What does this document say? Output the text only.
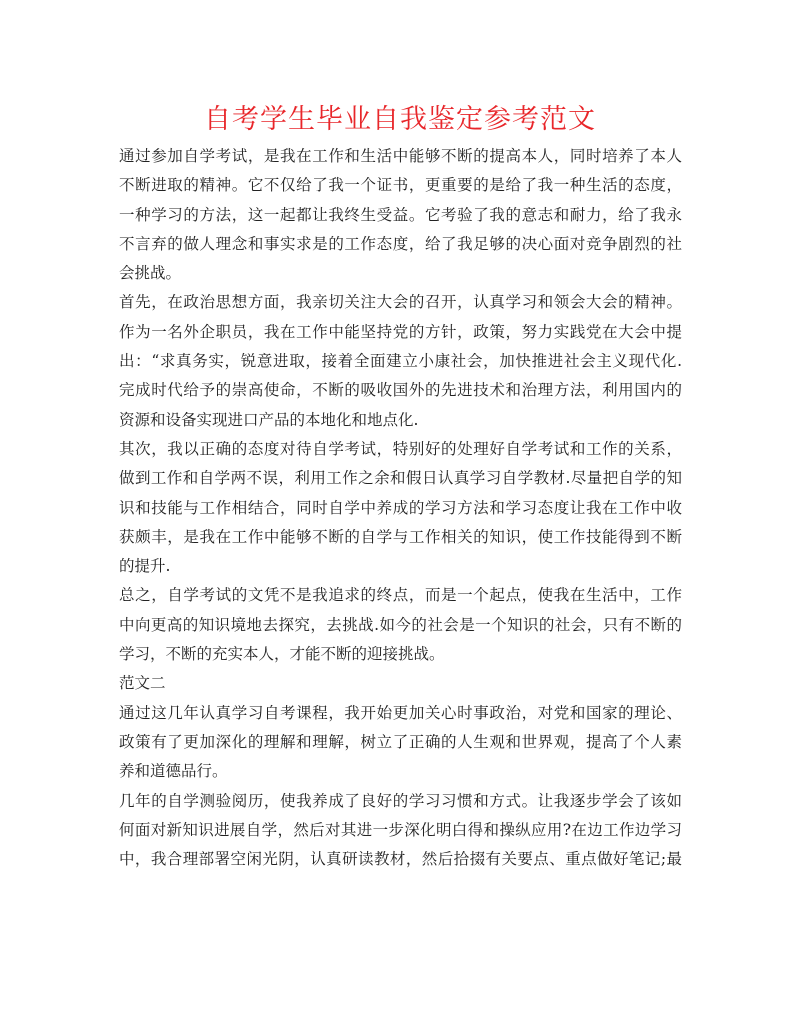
自考学生毕业自我鉴定参考范文
通过参加自学考试，是我在工作和生活中能够不断的提高本人，同时培养了本人
不断进取的精神。它不仅给了我一个证书，更重要的是给了我一种生活的态度，
一种学习的方法，这一起都让我终生受益。它考验了我的意志和耐力，给了我永
不言弃的做人理念和事实求是的工作态度，给了我足够的决心面对竞争剧烈的社
会挑战。
首先，在政治思想方面，我亲切关注大会的召开，认真学习和领会大会的精神。
作为一名外企职员，我在工作中能坚持党的方针，政策，努力实践党在大会中提
出：“求真务实，锐意进取，接着全面建立小康社会，加快推进社会主义现代化.
完成时代给予的崇高使命，不断的吸收国外的先进技术和治理方法，利用国内的
资源和设备实现进口产品的本地化和地点化.
其次，我以正确的态度对待自学考试，特别好的处理好自学考试和工作的关系，
做到工作和自学两不误，利用工作之余和假日认真学习自学教材.尽量把自学的知
识和技能与工作相结合，同时自学中养成的学习方法和学习态度让我在工作中收
获颇丰，是我在工作中能够不断的自学与工作相关的知识，使工作技能得到不断
的提升.
总之，自学考试的文凭不是我追求的终点，而是一个起点，使我在生活中，工作
中向更高的知识境地去探究，去挑战.如今的社会是一个知识的社会，只有不断的
学习，不断的充实本人，才能不断的迎接挑战。
范文二
通过这几年认真学习自考课程，我开始更加关心时事政治，对党和国家的理论、
政策有了更加深化的理解和理解，树立了正确的人生观和世界观，提高了个人素
养和道德品行。
几年的自学测验阅历，使我养成了良好的学习习惯和方式。让我逐步学会了该如
何面对新知识进展自学，然后对其进一步深化明白得和操纵应用?在边工作边学习
中，我合理部署空闲光阴，认真研读教材，然后拾掇有关要点、重点做好笔记;最
